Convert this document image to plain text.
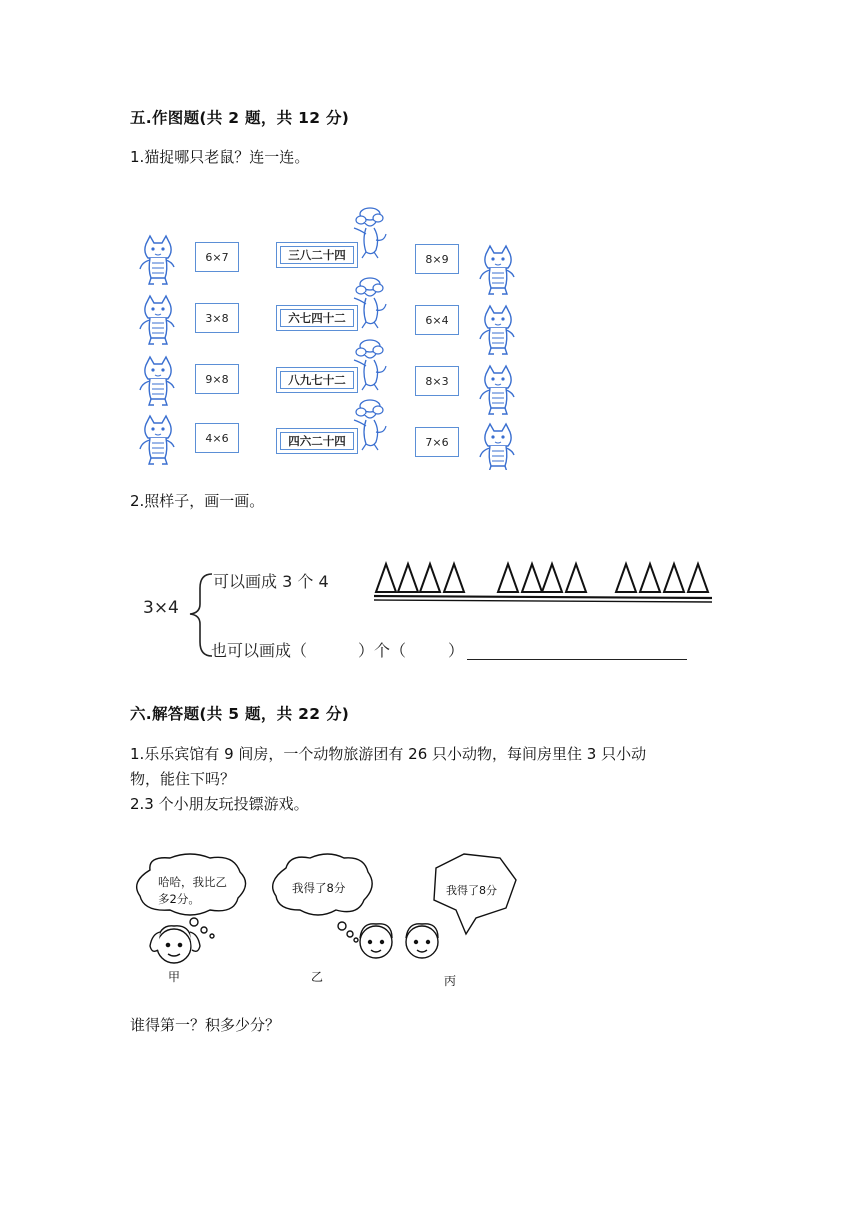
五.作图题(共 2 题，共 12 分)
1.猫捉哪只老鼠？连一连。
6×7
3×8
9×8
4×6
三八二十四
六七四十二
八九七十二
四六二十四
8×9
6×4
8×3
7×6
2.照样子，画一画。
3×4
可以画成 3 个 4
也可以画成（	）个（	）
六.解答题(共 5 题，共 22 分)
1.乐乐宾馆有 9 间房，一个动物旅游团有 26 只小动物，每间房里住 3 只小动
物，能住下吗？
2.3 个小朋友玩投镖游戏。
哈哈，我比乙
多2分。
我得了8分	我得了8分
甲	乙	丙
谁得第一？积多少分？
